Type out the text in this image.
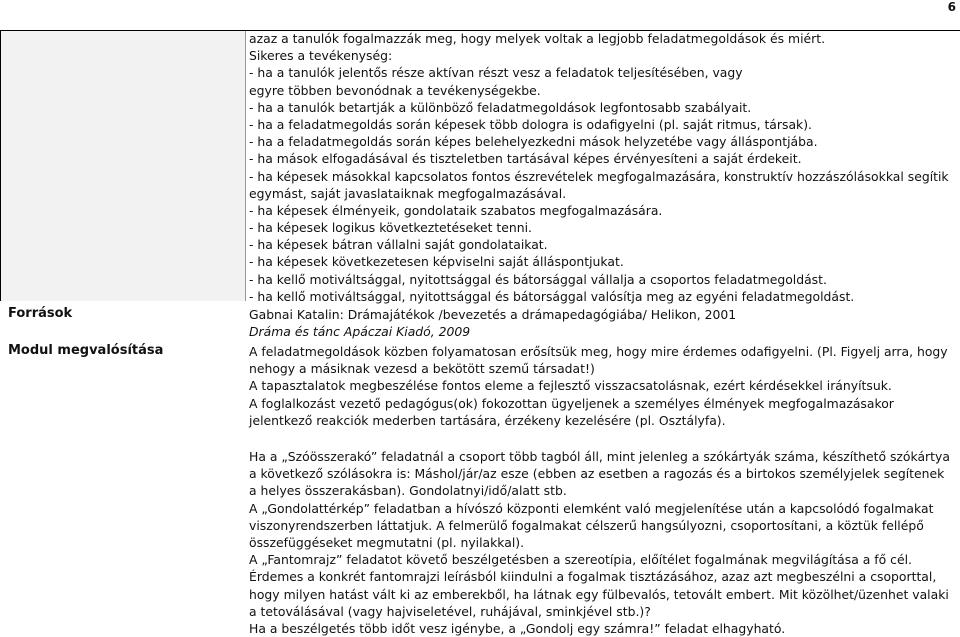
6
azaz a tanulók fogalmazzák meg, hogy melyek voltak a legjobb feladatmegoldások és miért.
Sikeres a tevékenység:
- ha a tanulók jelentős része aktívan részt vesz a feladatok teljesítésében, vagy
egyre többen bevonódnak a tevékenységekbe.
- ha a tanulók betartják a különböző feladatmegoldások legfontosabb szabályait.
- ha a feladatmegoldás során képesek több dologra is odafigyelni (pl. saját ritmus, társak).
- ha a feladatmegoldás során képes belehelyezkedni mások helyzetébe vagy álláspontjába.
- ha mások elfogadásával és tiszteletben tartásával képes érvényesíteni a saját érdekeit.
- ha képesek másokkal kapcsolatos fontos észrevételek megfogalmazására, konstruktív hozzászólásokkal segítik
egymást, saját javaslataiknak megfogalmazásával.
- ha képesek élményeik, gondolataik szabatos megfogalmazására.
- ha képesek logikus következtetéseket tenni.
- ha képesek bátran vállalni saját gondolataikat.
- ha képesek következetesen képviselni saját álláspontjukat.
- ha kellő motiváltsággal, nyitottsággal és bátorsággal vállalja a csoportos feladatmegoldást.
- ha kellő motiváltsággal, nyitottsággal és bátorsággal valósítja meg az egyéni feladatmegoldást.
Források	Gabnai Katalin: Drámajátékok /bevezetés a drámapedagógiába/ Helikon, 2001
Dráma és tánc Apáczai Kiadó, 2009
Modul megvalósítása	A feladatmegoldások közben folyamatosan erősítsük meg, hogy mire érdemes odafigyelni. (Pl. Figyelj arra, hogy
nehogy a másiknak vezesd a bekötött szemű társadat!)
A tapasztalatok megbeszélése fontos eleme a fejlesztő visszacsatolásnak, ezért kérdésekkel irányítsuk.
A foglalkozást vezető pedagógus(ok) fokozottan ügyeljenek a személyes élmények megfogalmazásakor
jelentkező reakciók mederben tartására, érzékeny kezelésére (pl. Osztályfa).
Ha a „Szóösszerakó” feladatnál a csoport több tagból áll, mint jelenleg a szókártyák száma, készíthető szókártya
a következő szólásokra is: Máshol/jár/az esze (ebben az esetben a ragozás és a birtokos személyjelek segítenek
a helyes összerakásban). Gondolatnyi/idő/alatt stb.
A „Gondolattérkép” feladatban a hívószó központi elemként való megjelenítése után a kapcsolódó fogalmakat
viszonyrendszerben láttatjuk. A felmerülő fogalmakat célszerű hangsúlyozni, csoportosítani, a köztük fellépő
összefüggéseket megmutatni (pl. nyilakkal).
A „Fantomrajz” feladatot követő beszélgetésben a szereotípia, előítélet fogalmának megvilágítása a fő cél.
Érdemes a konkrét fantomrajzi leírásból kiindulni a fogalmak tisztázásához, azaz azt megbeszélni a csoporttal,
hogy milyen hatást vált ki az emberekből, ha látnak egy fülbevalós, tetovált embert. Mit közölhet/üzenhet valaki
a tetoválásával (vagy hajviseletével, ruhájával, sminkjével stb.)?
Ha a beszélgetés több időt vesz igénybe, a „Gondolj egy számra!” feladat elhagyható.
